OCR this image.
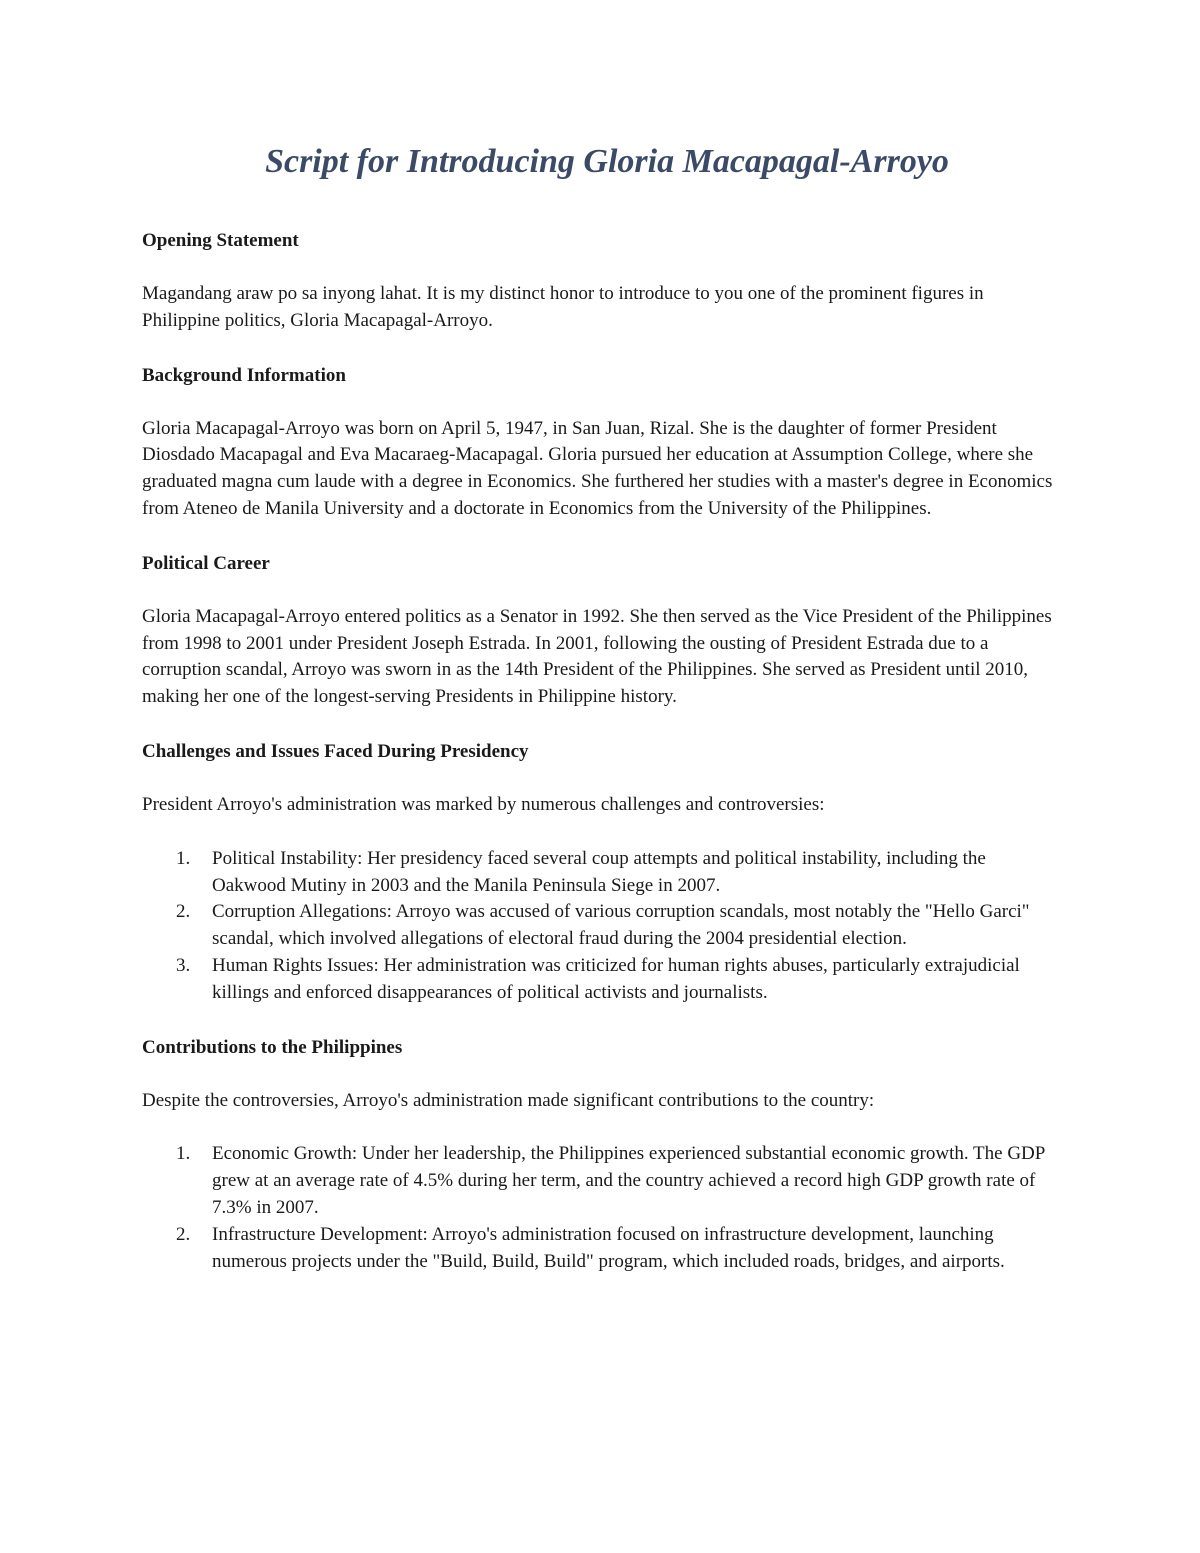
Script for Introducing Gloria Macapagal-Arroyo
Opening Statement

Magandang araw po sa inyong lahat. It is my distinct honor to introduce to you one of the prominent figures in Philippine politics, Gloria Macapagal-Arroyo.

Background Information

Gloria Macapagal-Arroyo was born on April 5, 1947, in San Juan, Rizal. She is the daughter of former President Diosdado Macapagal and Eva Macaraeg-Macapagal. Gloria pursued her education at Assumption College, where she graduated magna cum laude with a degree in Economics. She furthered her studies with a master's degree in Economics from Ateneo de Manila University and a doctorate in Economics from the University of the Philippines.

Political Career

Gloria Macapagal-Arroyo entered politics as a Senator in 1992. She then served as the Vice President of the Philippines from 1998 to 2001 under President Joseph Estrada. In 2001, following the ousting of President Estrada due to a corruption scandal, Arroyo was sworn in as the 14th President of the Philippines. She served as President until 2010, making her one of the longest-serving Presidents in Philippine history.

Challenges and Issues Faced During Presidency

President Arroyo's administration was marked by numerous challenges and controversies:

1. Political Instability: Her presidency faced several coup attempts and political instability, including the Oakwood Mutiny in 2003 and the Manila Peninsula Siege in 2007.
2. Corruption Allegations: Arroyo was accused of various corruption scandals, most notably the "Hello Garci" scandal, which involved allegations of electoral fraud during the 2004 presidential election.
3. Human Rights Issues: Her administration was criticized for human rights abuses, particularly extrajudicial killings and enforced disappearances of political activists and journalists.
Contributions to the Philippines

Despite the controversies, Arroyo's administration made significant contributions to the country:

1. Economic Growth: Under her leadership, the Philippines experienced substantial economic growth. The GDP grew at an average rate of 4.5% during her term, and the country achieved a record high GDP growth rate of 7.3% in 2007.
2. Infrastructure Development: Arroyo's administration focused on infrastructure development, launching numerous projects under the "Build, Build, Build" program, which included roads, bridges, and airports.
